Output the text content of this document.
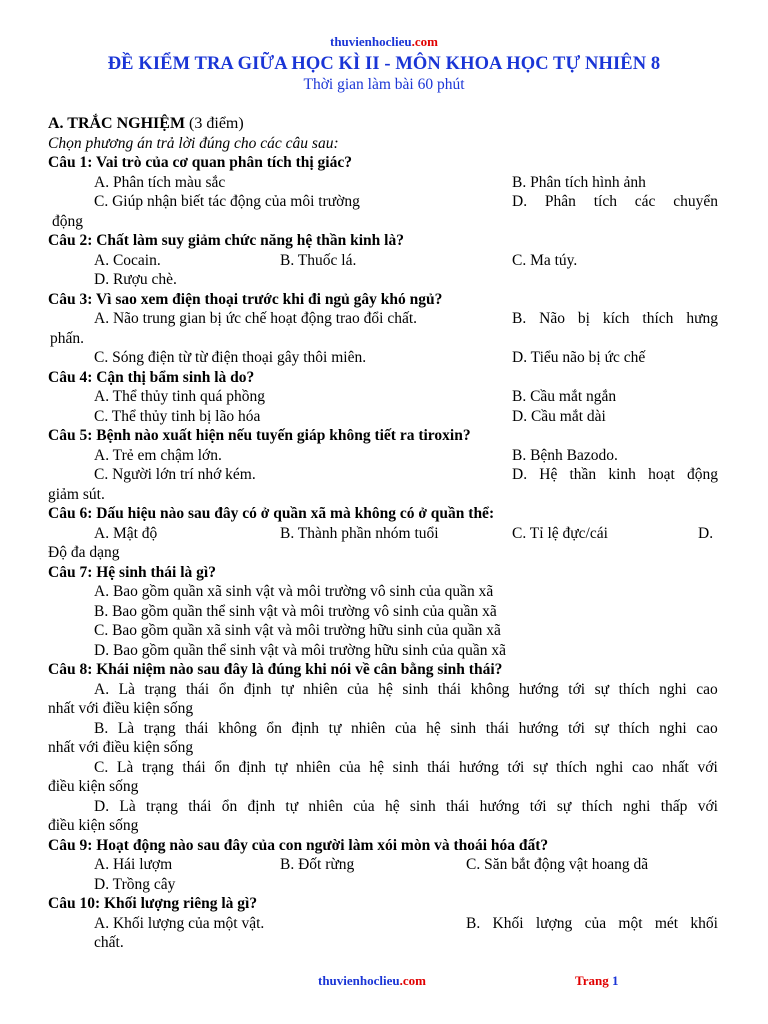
thuvienhoclieu.com
ĐỀ KIỂM TRA GIỮA HỌC KÌ II - MÔN KHOA HỌC TỰ NHIÊN 8
Thời gian làm bài 60 phút
A. TRẮC NGHIỆM (3 điểm)
Chọn phương án trả lời đúng cho các câu sau:
Câu 1: Vai trò của cơ quan phân tích thị giác?
A. Phân tích màu sắc	B. Phân tích hình ảnh
C. Giúp nhận biết tác động của môi trường	D. Phân tích các chuyển
động
Câu 2: Chất làm suy giảm chức năng hệ thần kinh là?
A. Cocain.	B. Thuốc lá.	C. Ma túy.
D. Rượu chè.
Câu 3: Vì sao xem điện thoại trước khi đi ngủ gây khó ngủ?
A. Não trung gian bị ức chế hoạt động trao đổi chất.	B. Não bị kích thích hưng
phấn.
C. Sóng điện từ từ điện thoại gây thôi miên.	D. Tiểu não bị ức chế
Câu 4: Cận thị bẩm sinh là do?
A. Thể thủy tinh quá phồng	B. Cầu mắt ngắn
C. Thể thủy tinh bị lão hóa	D. Cầu mắt dài
Câu 5: Bệnh nào xuất hiện nếu tuyến giáp không tiết ra tiroxin?
A. Trẻ em chậm lớn.	B. Bệnh Bazodo.
C. Người lớn trí nhớ kém.	D. Hệ thần kinh hoạt động
giảm sút.
Câu 6: Dấu hiệu nào sau đây có ở quần xã mà không có ở quần thể:
A. Mật độ	B. Thành phần nhóm tuổi	C. Tỉ lệ đực/cái	D.
Độ đa dạng
Câu 7: Hệ sinh thái là gì?
A. Bao gồm quần xã sinh vật và môi trường vô sinh của quần xã
B. Bao gồm quần thể sinh vật và môi trường vô sinh của quần xã
C. Bao gồm quần xã sinh vật và môi trường hữu sinh của quần xã
D. Bao gồm quần thể sinh vật và môi trường hữu sinh của quần xã
Câu 8: Khái niệm nào sau đây là đúng khi nói về cân bằng sinh thái?
A. Là trạng thái ổn định tự nhiên của hệ sinh thái không hướng tới sự thích nghi cao
nhất với điều kiện sống
B. Là trạng thái không ổn định tự nhiên của hệ sinh thái hướng tới sự thích nghi cao
nhất với điều kiện sống
C. Là trạng thái ổn định tự nhiên của hệ sinh thái hướng tới sự thích nghi cao nhất với
điều kiện sống
D. Là trạng thái ổn định tự nhiên của hệ sinh thái hướng tới sự thích nghi thấp với
điều kiện sống
Câu 9: Hoạt động nào sau đây của con người làm xói mòn và thoái hóa đất?
A. Hái lượm	B. Đốt rừng	C. Săn bắt động vật hoang dã
D. Trồng cây
Câu 10: Khối lượng riêng là gì?
A. Khối lượng của một vật.	B. Khối lượng của một mét khối
chất.
thuvienhoclieu.com	Trang 1
